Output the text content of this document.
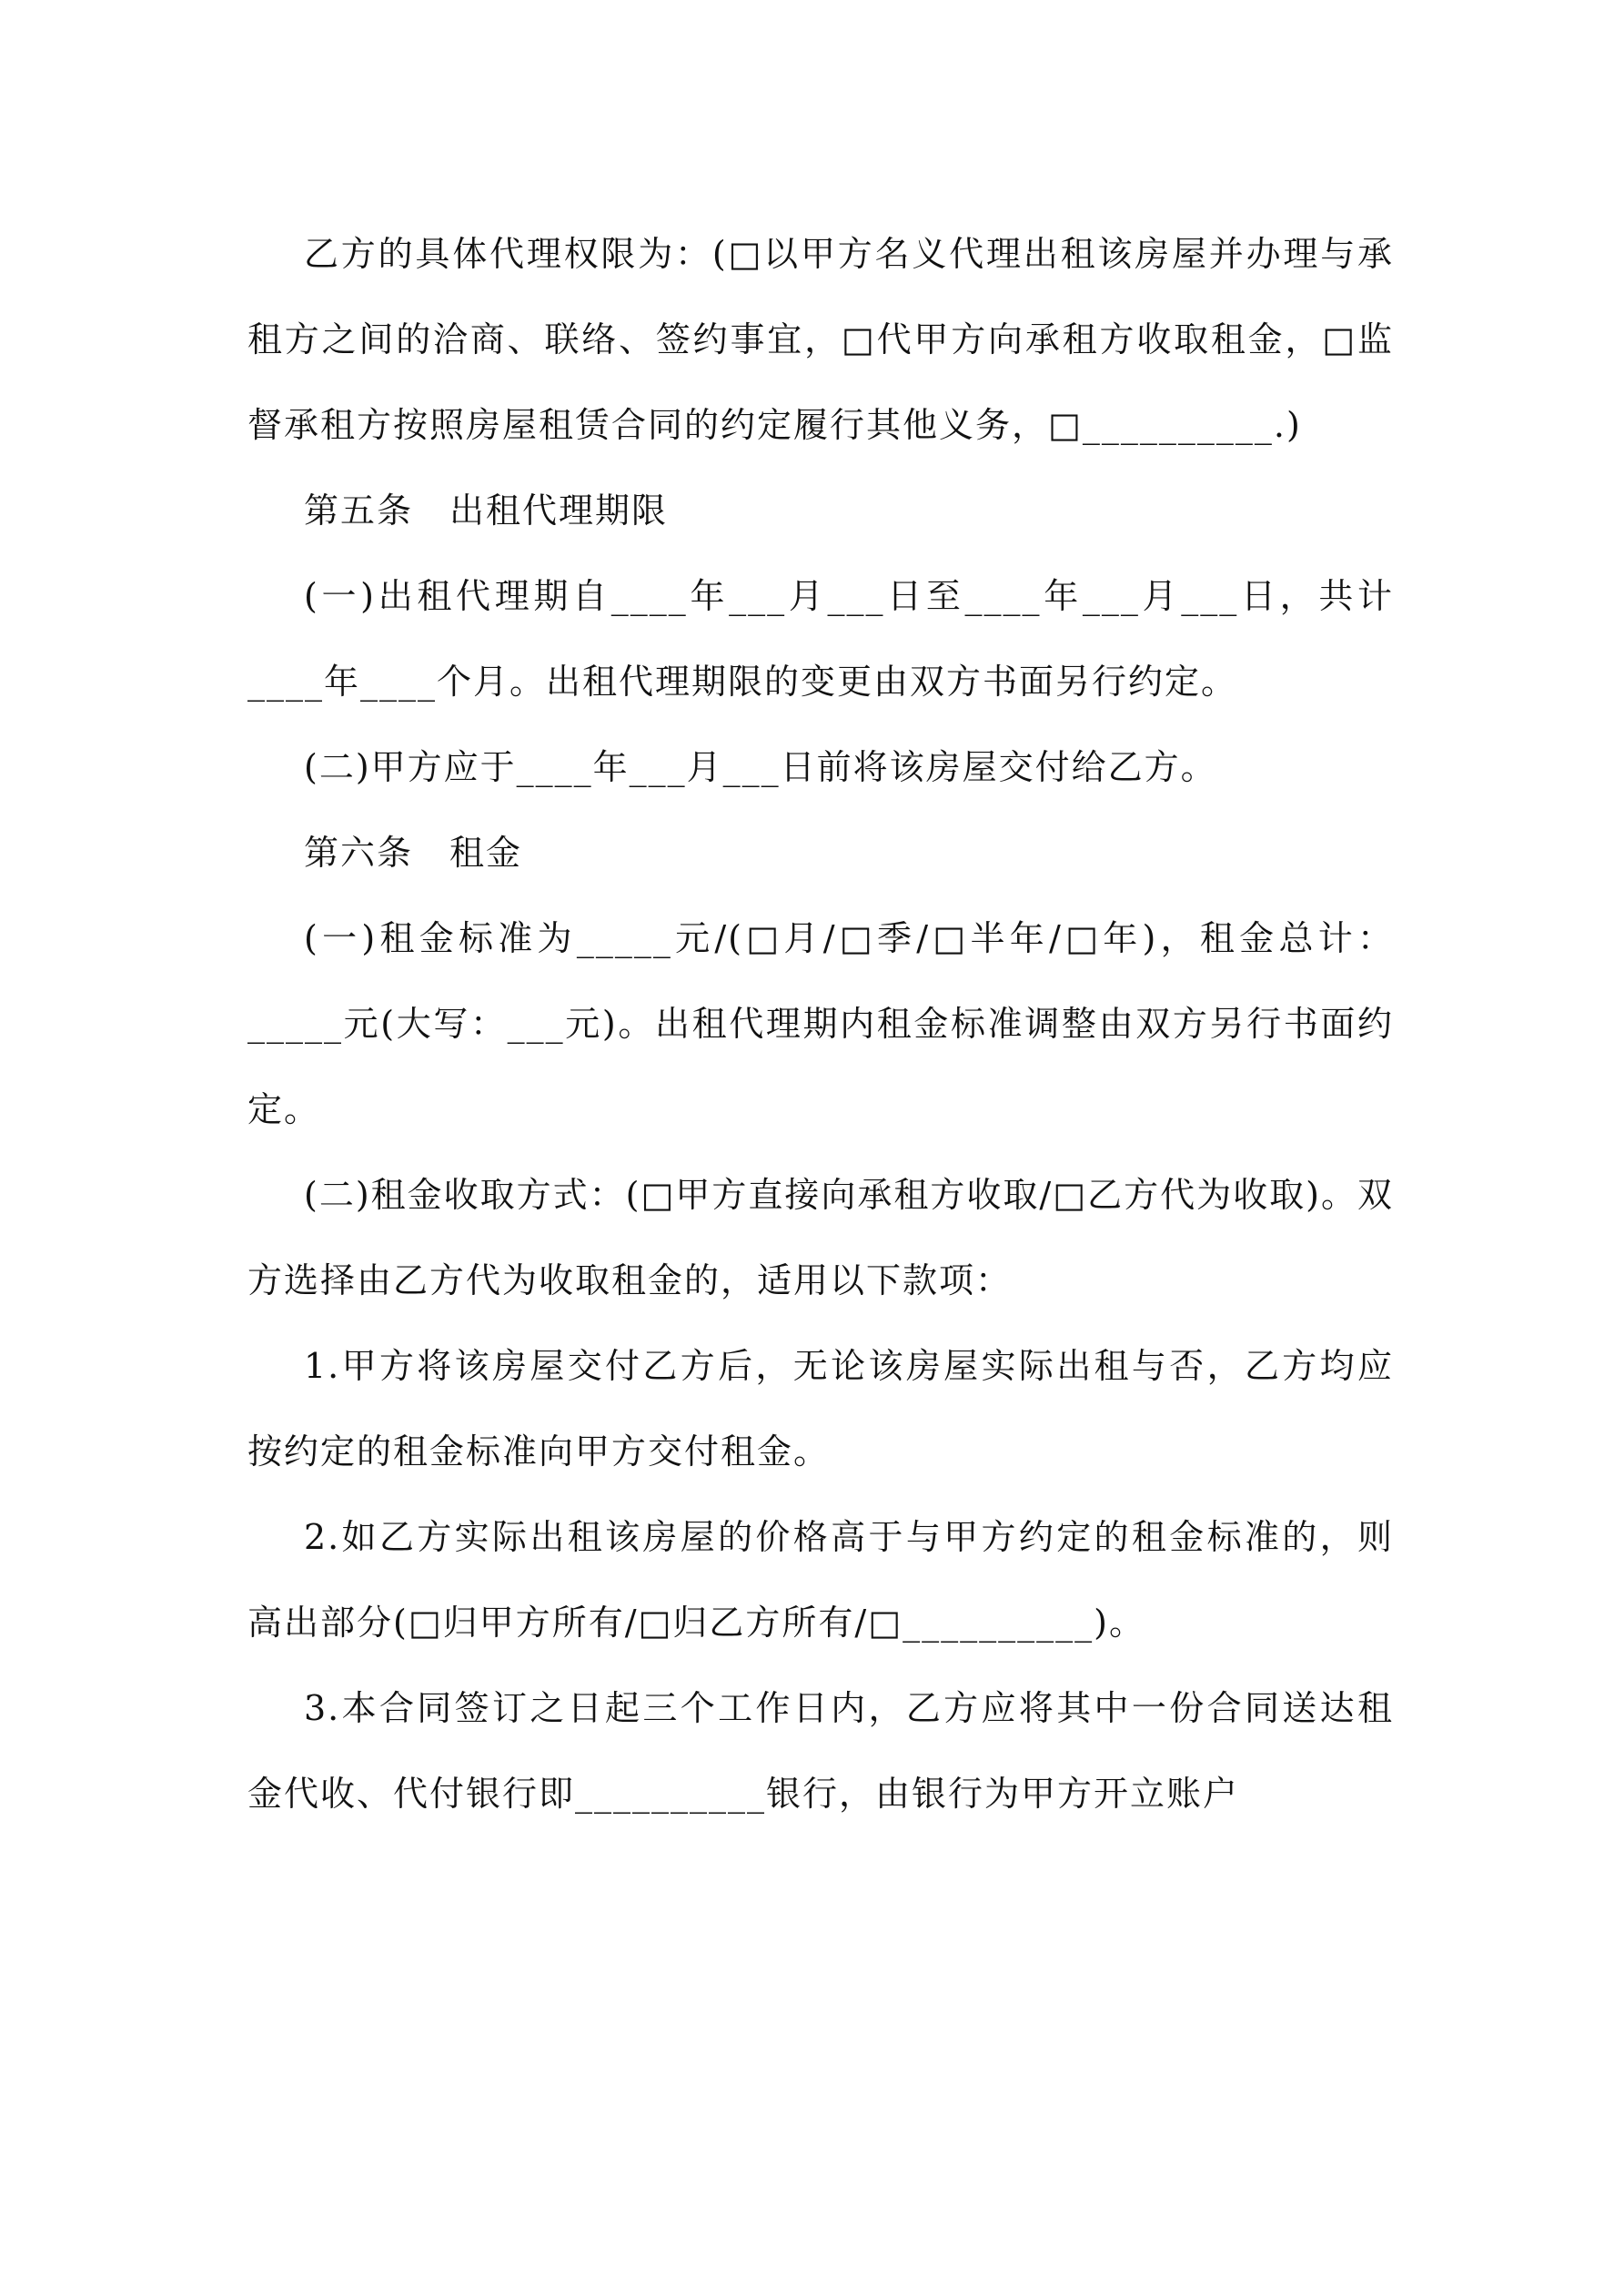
乙方的具体代理权限为：(□以甲方名义代理出租该房屋并办理与承租方之间的洽商、联络、签约事宜，□代甲方向承租方收取租金，□监督承租方按照房屋租赁合同的约定履行其他义务，□__________.)

第五条　出租代理期限

(一)出租代理期自____年___月___日至____年___月___日，共计____年____个月。出租代理期限的变更由双方书面另行约定。

(二)甲方应于____年___月___日前将该房屋交付给乙方。

第六条　租金

(一)租金标准为_____元/(□月/□季/□半年/□年)，租金总计：_____元(大写：___元)。出租代理期内租金标准调整由双方另行书面约定。

(二)租金收取方式：(□甲方直接向承租方收取/□乙方代为收取)。双方选择由乙方代为收取租金的，适用以下款项：

1.甲方将该房屋交付乙方后，无论该房屋实际出租与否，乙方均应按约定的租金标准向甲方交付租金。

2.如乙方实际出租该房屋的价格高于与甲方约定的租金标准的，则高出部分(□归甲方所有/□归乙方所有/□__________)。

3.本合同签订之日起三个工作日内，乙方应将其中一份合同送达租金代收、代付银行即__________银行，由银行为甲方开立账户
